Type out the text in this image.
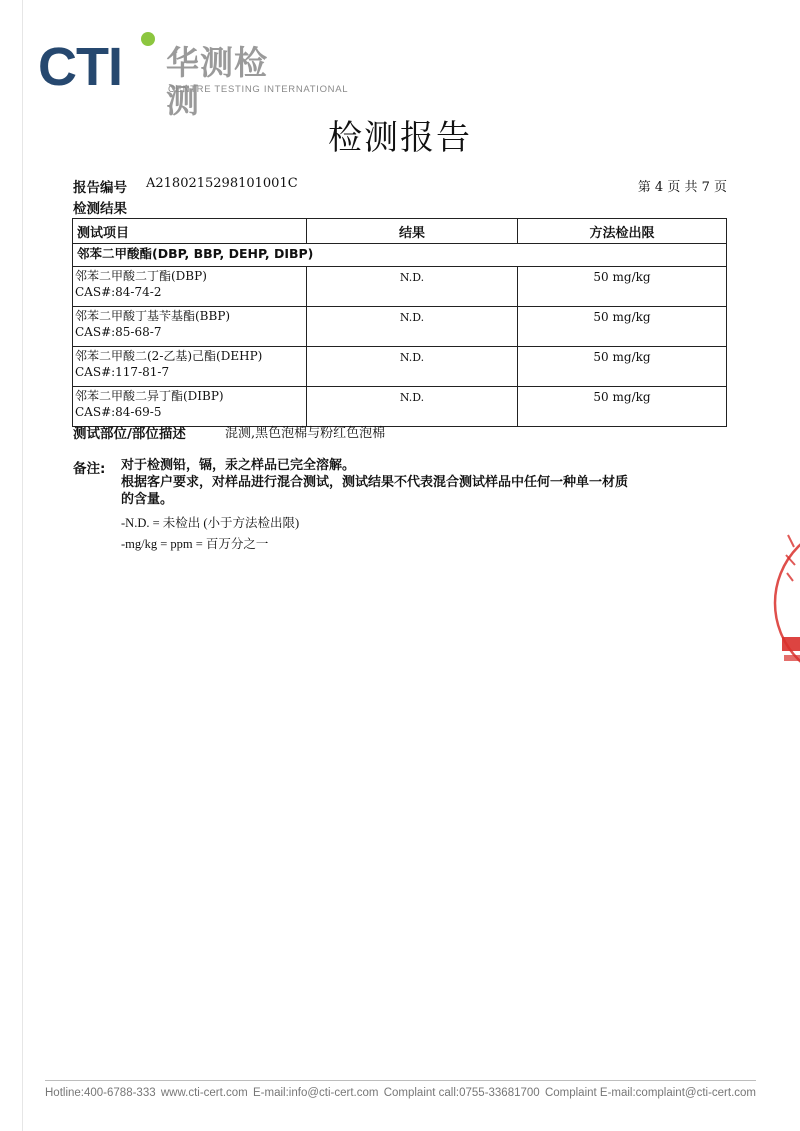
CTI 华测检测
CENTRE TESTING INTERNATIONAL
检测报告
报告编号 A2180215298101001C	第 4 页 共 7 页
检测结果
测试项目	结果	方法检出限
邻苯二甲酸酯(DBP, BBP, DEHP, DIBP)		

邻苯二甲酸二丁酯(DBP)
CAS#:84-74-2	N.D.	50 mg/kg

邻苯二甲酸丁基苄基酯(BBP)
CAS#:85-68-7	N.D.	50 mg/kg

邻苯二甲酸二(2-乙基)己酯(DEHP)
CAS#:117-81-7	N.D.	50 mg/kg

邻苯二甲酸二异丁酯(DIBP)
CAS#:84-69-5	N.D.	50 mg/kg
测试部位/部位描述	混测,黑色泡棉与粉红色泡棉
备注: 对于检测铅，镉，汞之样品已完全溶解。
根据客户要求，对样品进行混合测试，测试结果不代表混合测试样品中任何一种单一材质
的含量。
-N.D. = 未检出 (小于方法检出限)
-mg/kg = ppm = 百万分之一
Hotline:400-6788-333 www.cti-cert.com E-mail:info@cti-cert.com Complaint call:0755-33681700 Complaint E-mail:complaint@cti-cert.com
